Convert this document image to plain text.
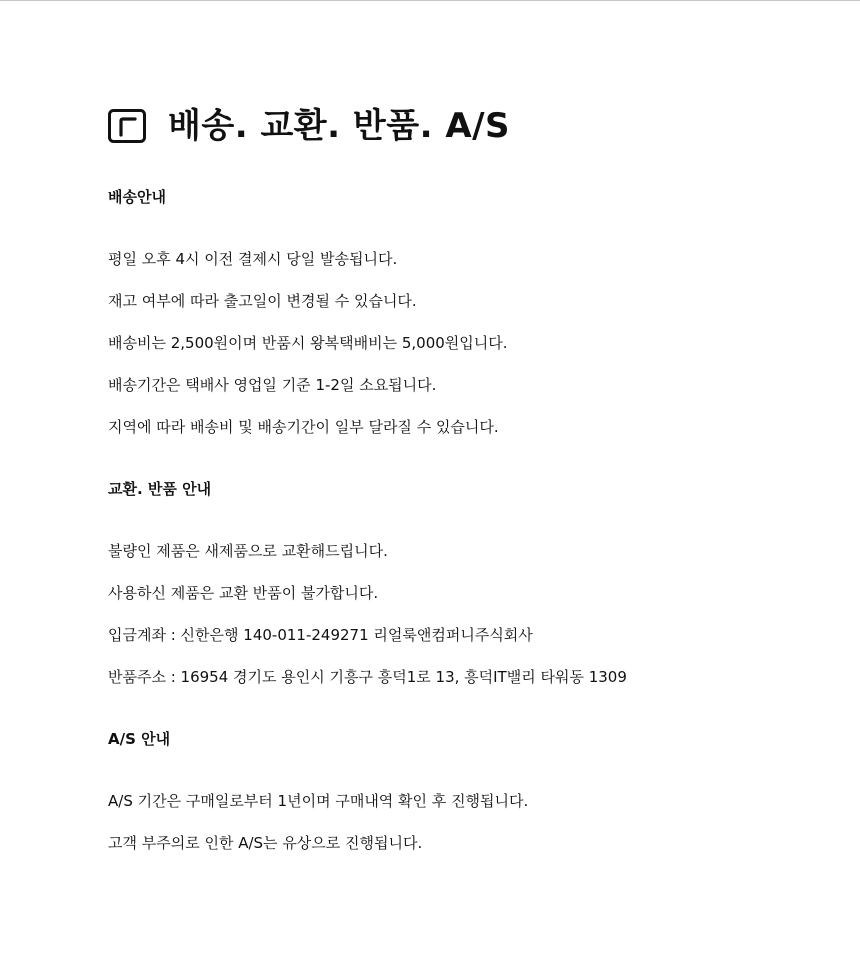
배송. 교환. 반품. A/S
배송안내
평일 오후 4시 이전 결제시 당일 발송됩니다.
재고 여부에 따라 출고일이 변경될 수 있습니다.
배송비는 2,500원이며 반품시 왕복택배비는 5,000원입니다.
배송기간은 택배사 영업일 기준 1-2일 소요됩니다.
지역에 따라 배송비 및 배송기간이 일부 달라질 수 있습니다.
교환. 반품 안내
불량인 제품은 새제품으로 교환해드립니다.
사용하신 제품은 교환 반품이 불가합니다.
입금계좌 : 신한은행 140-011-249271 리얼룩앤컴퍼니주식회사
반품주소 : 16954 경기도 용인시 기흥구 흥덕1로 13, 흥덕IT밸리 타워동 1309
A/S 안내
A/S 기간은 구매일로부터 1년이며 구매내역 확인 후 진행됩니다.
고객 부주의로 인한 A/S는 유상으로 진행됩니다.
